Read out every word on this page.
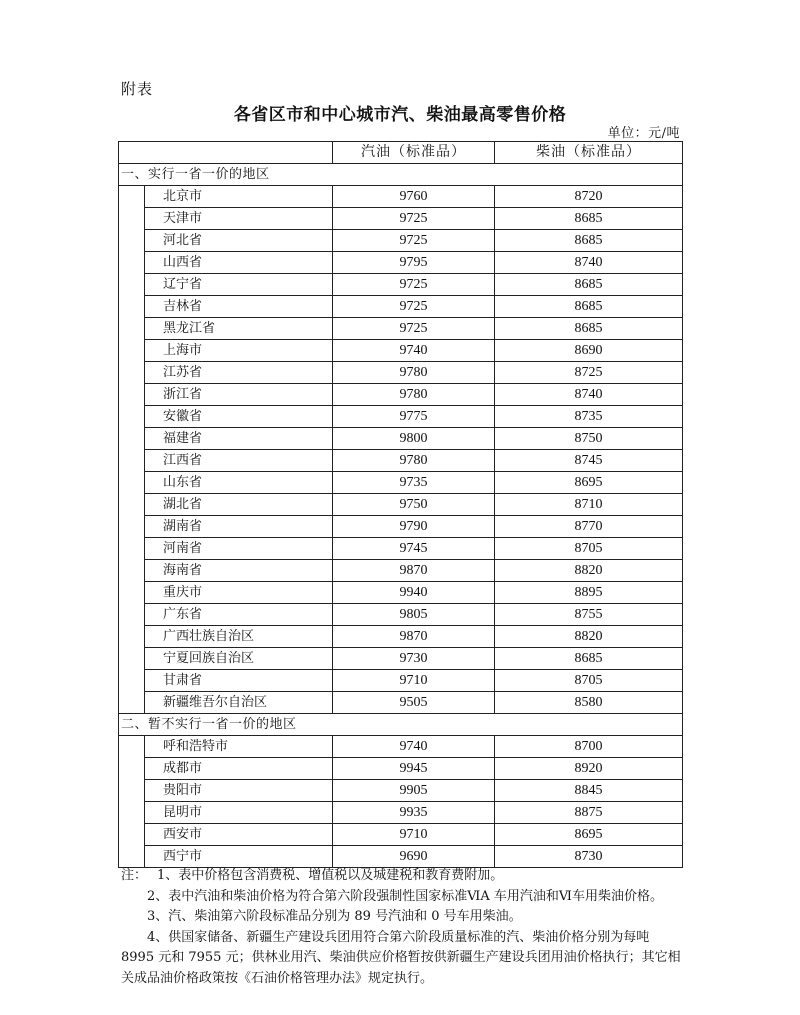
附表
各省区市和中心城市汽、柴油最高零售价格
单位：元/吨
		汽油（标准品）	柴油（标准品）
一、实行一省一价的地区			
	北京市	9760	8720
	天津市	9725	8685
	河北省	9725	8685
	山西省	9795	8740
	辽宁省	9725	8685
	吉林省	9725	8685
	黑龙江省	9725	8685
	上海市	9740	8690
	江苏省	9780	8725
	浙江省	9780	8740
	安徽省	9775	8735
	福建省	9800	8750
	江西省	9780	8745
	山东省	9735	8695
	湖北省	9750	8710
	湖南省	9790	8770
	河南省	9745	8705
	海南省	9870	8820
	重庆市	9940	8895
	广东省	9805	8755
	广西壮族自治区	9870	8820
	宁夏回族自治区	9730	8685
	甘肃省	9710	8705
	新疆维吾尔自治区	9505	8580
二、暂不实行一省一价的地区			
	呼和浩特市	9740	8700
	成都市	9945	8920
	贵阳市	9905	8845
	昆明市	9935	8875
	西安市	9710	8695
	西宁市	9690	8730

注： 1、表中价格包含消费税、增值税以及城建税和教育费附加。

2、表中汽油和柴油价格为符合第六阶段强制性国家标准ⅥA 车用汽油和Ⅵ车用柴油价格。

3、汽、柴油第六阶段标准品分别为 89 号汽油和 0 号车用柴油。

4、供国家储备、新疆生产建设兵团用符合第六阶段质量标准的汽、柴油价格分别为每吨 8995 元和 7955 元；供林业用汽、柴油供应价格暂按供新疆生产建设兵团用油价格执行；其它相关成品油价格政策按《石油价格管理办法》规定执行。
